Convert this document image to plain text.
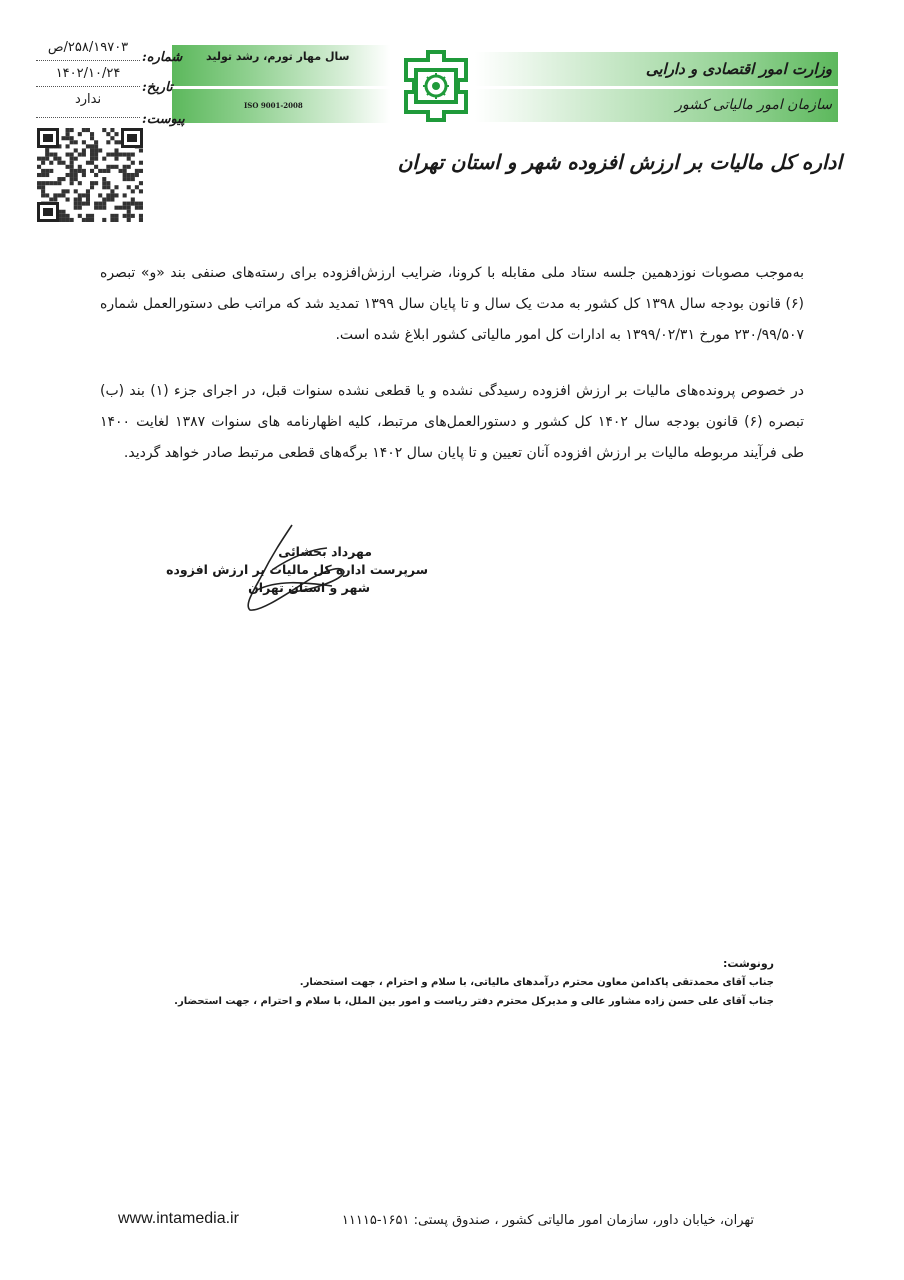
وزارت امور اقتصادی و دارایی
سازمان امور مالیاتی کشور
سال مهار تورم، رشد تولید
ISO 9001-2008
اداره کل مالیات بر ارزش افزوده شهر و استان تهران
شماره:
۲۵۸/۱۹۷۰۳/ص
تاریخ:
۱۴۰۲/۱۰/۲۴
پیوست:
ندارد
به‌موجب مصوبات نوزدهمین جلسه ستاد ملی مقابله با کرونا، ضرایب ارزش‌افزوده برای رسته‌های صنفی بند «و» تبصره (۶) قانون بودجه سال ۱۳۹۸ کل کشور به مدت یک سال و تا پایان سال ۱۳۹۹ تمدید شد که مراتب طی دستورالعمل شماره ۲۳۰/۹۹/۵۰۷ مورخ ۱۳۹۹/۰۲/۳۱ به ادارات کل امور مالیاتی کشور ابلاغ شده است.
در خصوص پرونده‌های مالیات بر ارزش افزوده رسیدگی نشده و یا قطعی نشده سنوات قبل، در اجرای جزء (۱) بند (ب) تبصره (۶) قانون بودجه سال ۱۴۰۲ کل کشور و دستورالعمل‌های مرتبط، کلیه اظهارنامه های سنوات ۱۳۸۷ لغایت ۱۴۰۰ طی فرآیند مربوطه مالیات بر ارزش افزوده آنان تعیین و تا پایان سال ۱۴۰۲ برگه‌های قطعی مرتبط صادر خواهد گردید.
مهرداد بخشائی
سرپرست اداره کل مالیات بر ارزش افزوده
شهر و استان تهران
رونوشت:
جناب آقای محمدتقی پاکدامن معاون محترم درآمدهای مالیاتی، با سلام و احترام ، جهت استحضار.
جناب آقای علی حسن زاده مشاور عالی و مدیرکل محترم دفتر ریاست و امور بین الملل، با سلام و احترام ، جهت استحضار.
www.intamedia.ir	تهران، خیابان داور، سازمان امور مالیاتی کشور ، صندوق پستی: ۱۶۵۱-۱۱۱۱۵
